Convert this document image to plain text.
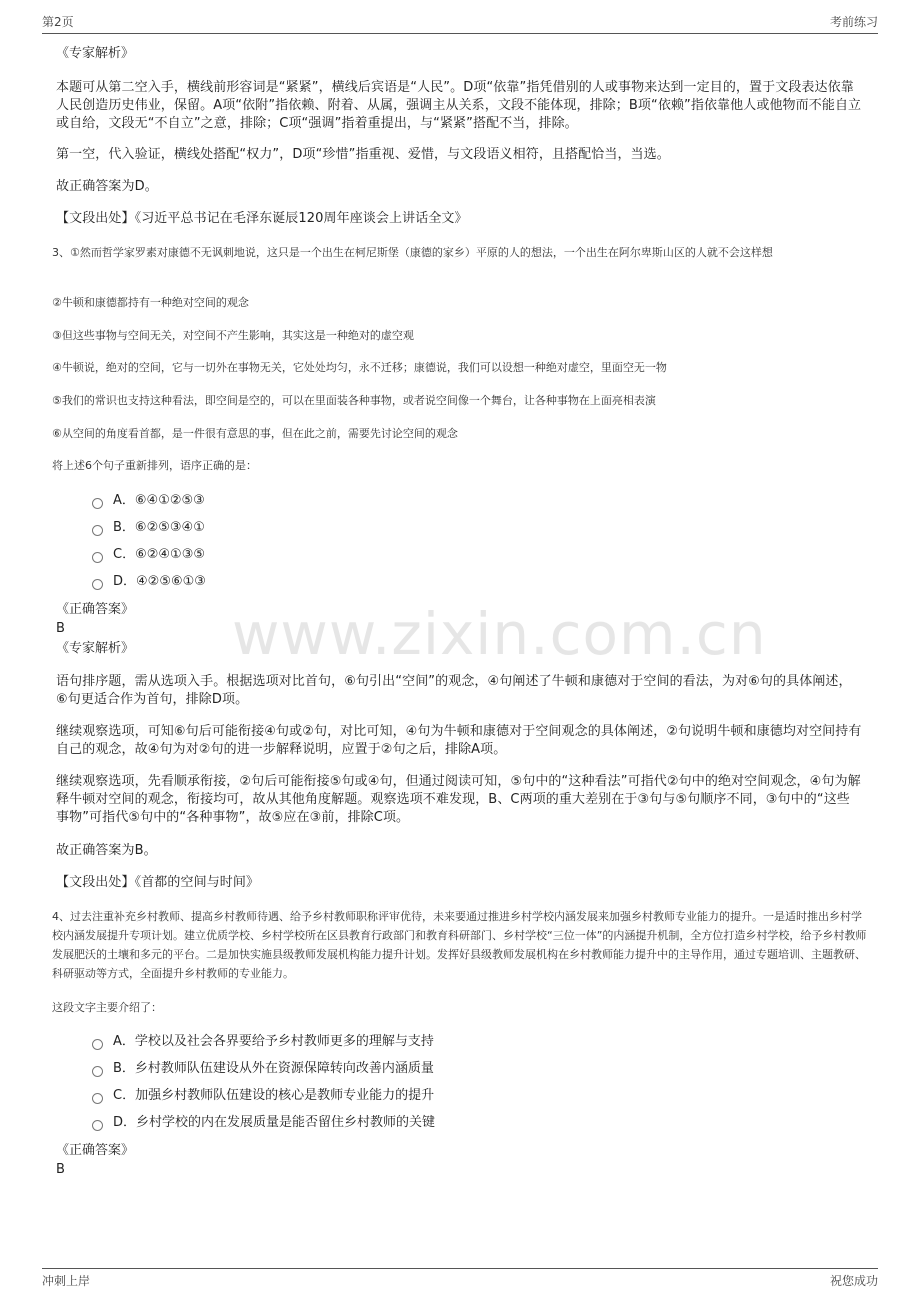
第2页	考前练习
www.zixin.com.cn

《专家解析》

本题可从第二空入手，横线前形容词是“紧紧”，横线后宾语是“人民”。D项“依靠”指凭借别的人或事物来达到一定目的，置于文段表达依靠人民创造历史伟业，保留。A项“依附”指依赖、附着、从属，强调主从关系，文段不能体现，排除；B项“依赖”指依靠他人或他物而不能自立或自给，文段无“不自立”之意，排除；C项“强调”指着重提出，与“紧紧”搭配不当，排除。

第一空，代入验证，横线处搭配“权力”，D项“珍惜”指重视、爱惜，与文段语义相符，且搭配恰当，当选。

故正确答案为D。

【文段出处】《习近平总书记在毛泽东诞辰120周年座谈会上讲话全文》

3、①然而哲学家罗素对康德不无讽刺地说，这只是一个出生在柯尼斯堡（康德的家乡）平原的人的想法，一个出生在阿尔卑斯山区的人就不会这样想

②牛顿和康德都持有一种绝对空间的观念

③但这些事物与空间无关，对空间不产生影响，其实这是一种绝对的虚空观

④牛顿说，绝对的空间，它与一切外在事物无关，它处处均匀，永不迁移；康德说，我们可以设想一种绝对虚空，里面空无一物

⑤我们的常识也支持这种看法，即空间是空的，可以在里面装各种事物，或者说空间像一个舞台，让各种事物在上面亮相表演

⑥从空间的角度看首都，是一件很有意思的事，但在此之前，需要先讨论空间的观念

将上述6个句子重新排列，语序正确的是：

A． ⑥④①②⑤③
B． ⑥②⑤③④①
C． ⑥②④①③⑤
D． ④②⑤⑥①③

《正确答案》

B

《专家解析》

语句排序题，需从选项入手。根据选项对比首句，⑥句引出“空间”的观念，④句阐述了牛顿和康德对于空间的看法，为对⑥句的具体阐述，⑥句更适合作为首句，排除D项。

继续观察选项，可知⑥句后可能衔接④句或②句，对比可知，④句为牛顿和康德对于空间观念的具体阐述，②句说明牛顿和康德均对空间持有自己的观念，故④句为对②句的进一步解释说明，应置于②句之后，排除A项。

继续观察选项，先看顺承衔接，②句后可能衔接⑤句或④句，但通过阅读可知，⑤句中的“这种看法”可指代②句中的绝对空间观念，④句为解释牛顿对空间的观念，衔接均可，故从其他角度解题。观察选项不难发现，B、C两项的重大差别在于③句与⑤句顺序不同，③句中的“这些事物”可指代⑤句中的“各种事物”，故⑤应在③前，排除C项。

故正确答案为B。

【文段出处】《首都的空间与时间》

4、过去注重补充乡村教师、提高乡村教师待遇、给予乡村教师职称评审优待，未来要通过推进乡村学校内涵发展来加强乡村教师专业能力的提升。一是适时推出乡村学校内涵发展提升专项计划。建立优质学校、乡村学校所在区县教育行政部门和教育科研部门、乡村学校“三位一体”的内涵提升机制，全方位打造乡村学校，给予乡村教师发展肥沃的土壤和多元的平台。二是加快实施县级教师发展机构能力提升计划。发挥好县级教师发展机构在乡村教师能力提升中的主导作用，通过专题培训、主题教研、科研驱动等方式，全面提升乡村教师的专业能力。

这段文字主要介绍了：

A． 学校以及社会各界要给予乡村教师更多的理解与支持
B． 乡村教师队伍建设从外在资源保障转向改善内涵质量
C． 加强乡村教师队伍建设的核心是教师专业能力的提升
D． 乡村学校的内在发展质量是能否留住乡村教师的关键

《正确答案》

B

冲刺上岸	祝您成功
